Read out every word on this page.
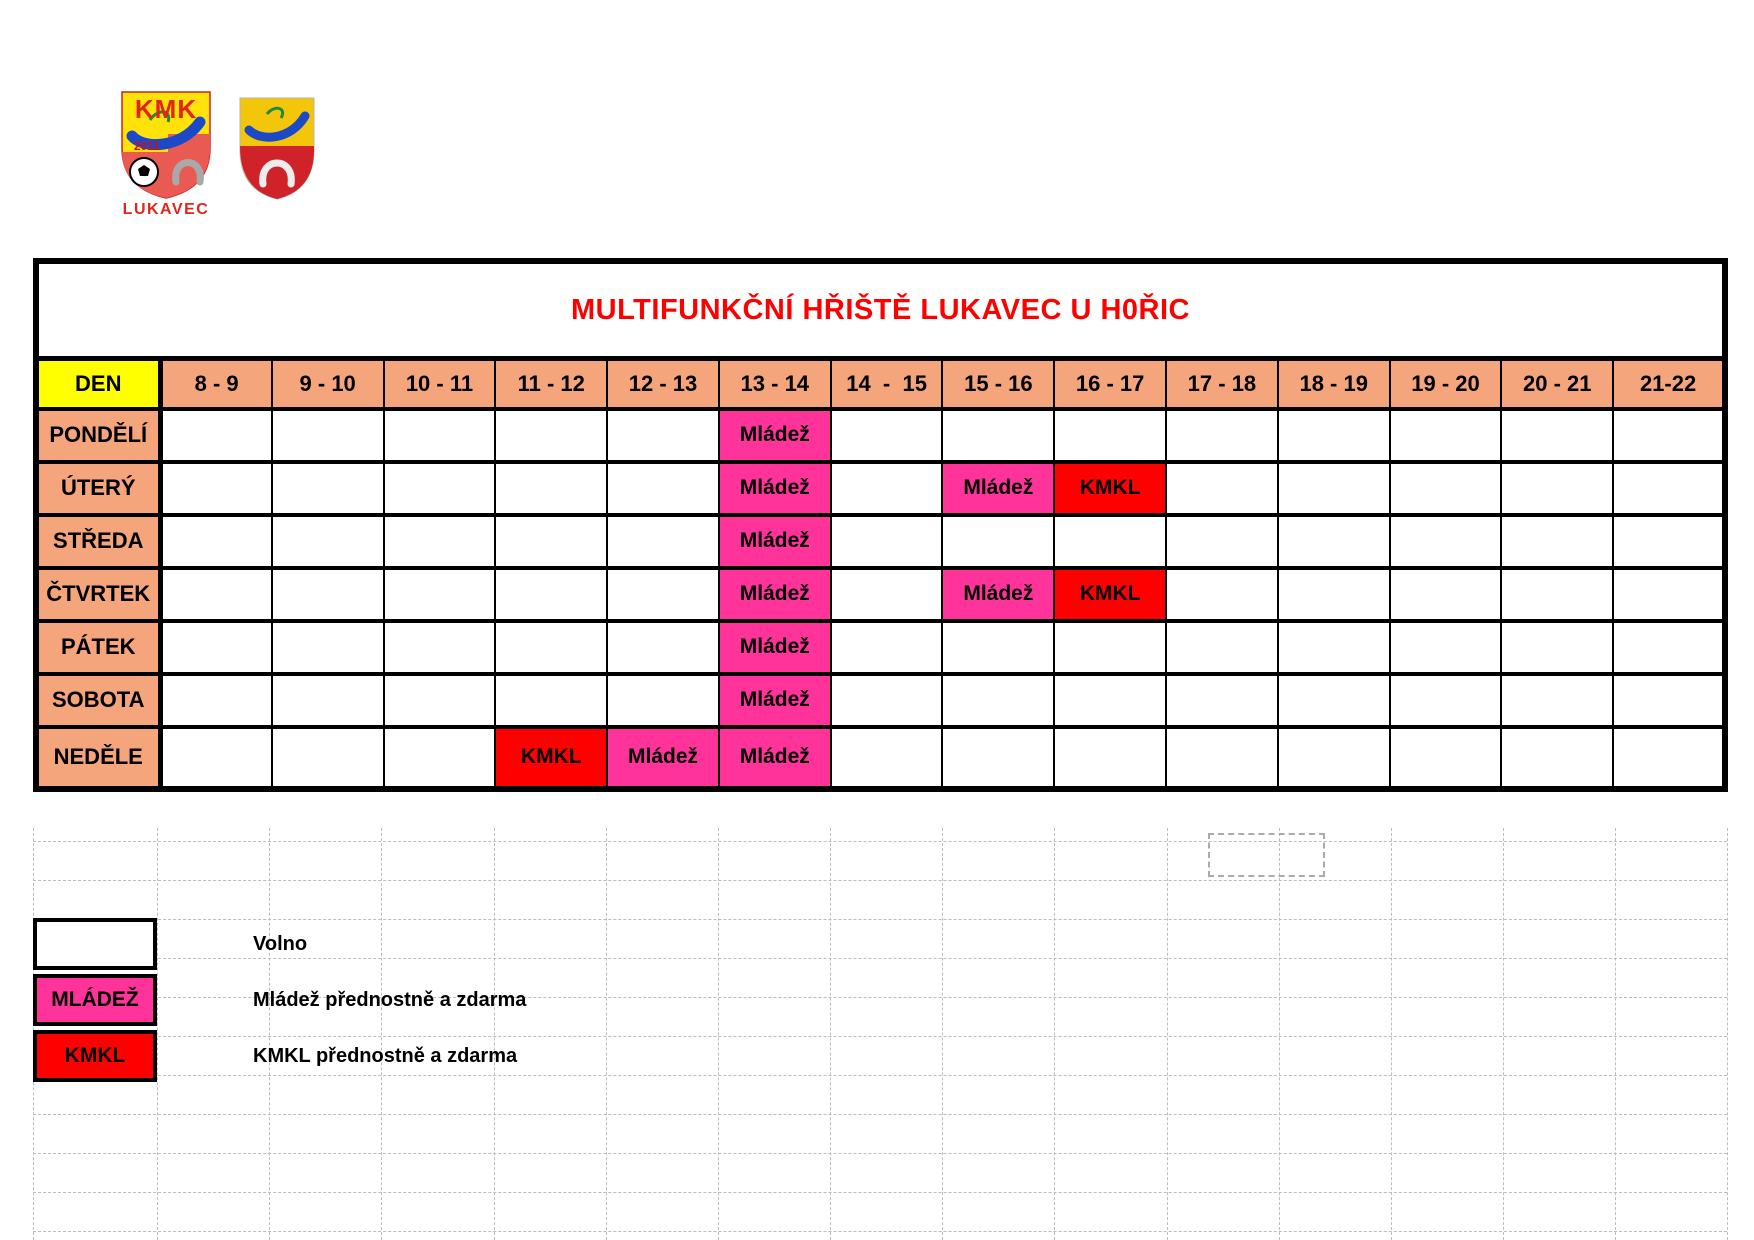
KMK
2011
LUKAVEC
MULTIFUNKČNÍ HŘIŠTĚ LUKAVEC U H0ŘIC														
DEN	8 - 9	9 - 10	10 - 11	11 - 12	12 - 13	13 - 14	14  -  15	15 - 16	16 - 17	17 - 18	18 - 19	19 - 20	20 - 21	21-22
PONDĚLÍ						Mládež								
ÚTERÝ						Mládež		Mládež	KMKL					
STŘEDA						Mládež								
ČTVRTEK						Mládež		Mládež	KMKL					
PÁTEK						Mládež								
SOBOTA						Mládež								
NEDĚLE				KMKL	Mládež	Mládež								
Volno
MLÁDEŽ	Mládež přednostně a zdarma
KMKL	KMKL přednostně a zdarma
